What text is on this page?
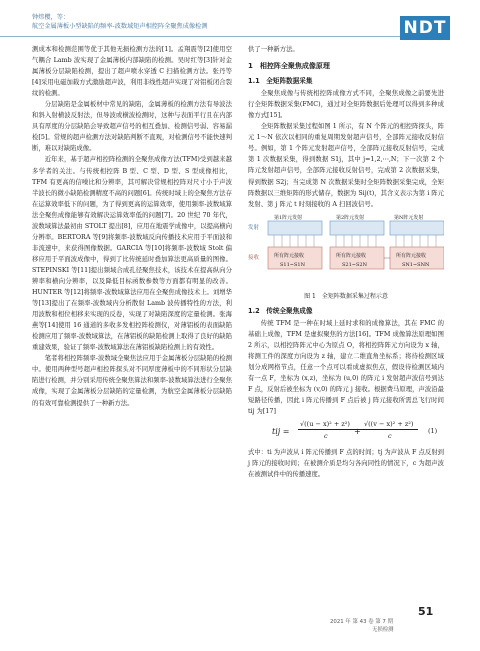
钟炜樱，等：
航空金属薄板小型缺陷的频率-波数域矩声相控阵全聚焦成像检测	NDT

测成本和检测范围等优于其他无损检测方法的[1]。孟翔震等[2]使用空气耦合 Lamb 波实现了金属薄板内部缺陷的检测。吴时红等[3]针对金属薄板分层缺陷检测，提出了超声喷水穿透 C 扫描检测方法。张丹等[4]采用电磁加载方式激励超声波，利用非线性超声实现了对铝板闭合裂纹的检测。

分层缺陷是金属板材中常见的缺陷，金属薄板的检测方法有导波法和斜入射横波反射法，但导波或横波检测时，这种与表面平行且在内部具有厚度的分层缺陷会导致超声信号的相互叠加、检测信号弱、容易漏检[5]。常规的超声检测方法对缺陷判断不直观，对检测信号不能快速判断，难以对缺陷成像。

近年来，基于超声相控阵检测的全聚焦成像方法(TFM)受到越来越多学者的关注。与传统相控阵 B 型、C 型、D 型、S 型成像相比，TFM 有更高的信噪比和分辨率，其可解决常规相控阵对尺寸小于声波半波长的微小缺陷检测精度不高的问题[6]。传统时域上的全聚焦方法存在运算效率低下的问题，为了得到更高的运算效率，使用频率-波数域算法全聚焦成像能够有效解决运算效率低的问题[7]。20 世纪 70 年代，波数域算法最初由 STOLT 提出[8]，应用在地震学成像中，以提高横向分辨率。BERTORA 等[9]将频率-波数域反向传播技术应用于平面波和非流速中，来获得图像数据。GARCIA 等[10]将频率-波数域 Stolt 偏移应用于平面波成像中，得到了比传统延时叠加算法更高质量的图像。STEPINSKI 等[11]提出频域合成孔径聚焦技术，该技术在提高纵向分辨率和横向分辨率，以及降低目标函数参数等方面都有明显的改善。HUNTER 等[12]将频率-波数域算法应用在全聚焦成像技术上。刘增华等[13]提出了在频率-波数域内分析散射 Lamb 波传播特性的方法，利用波数和相位相移来实现的反卷，实现了对缺陷深度的定量检测。张海燕等[14]使用 16 通道的多收多发相控阵检测仪，对薄铝板的表面缺陷检测应用了频率-波数域算法，在薄铝板的缺陷检测上取得了良好的缺陷重建效果，验证了频率-波数域算法在薄铝板缺陷检测上的有效性。

笔者将相控阵频率-波数域全聚焦法应用于金属薄板分层缺陷的检测中。使用两种型号超声相控阵探头对不同厚度薄板中的不同形状分层缺陷进行检测，并分别采用传统全聚焦算法和频率-波数域算法进行全聚焦成像，实现了金属薄板分层缺陷的定量检测，为航空金属薄板分层缺陷的有效可靠检测提供了一种新方法。

供了一种新方法。

1　相控阵全聚焦成像原理
1.1　全矩阵数据采集

全聚焦成像与传统相控阵成像方式不同，全聚焦成像之前要先进行全矩阵数据采集(FMC)，通过对全矩阵数据后处理可以得到多种成像方式[15]。

全矩阵数据采集过程如图 1 所示，有 N 个阵元的相控阵探头，阵元 1～N 依次以相同的重复周期发射超声信号，全部阵元接收反射信号。例如，第 1 个阵元发射超声信号，全部阵元接收反射信号，完成第 1 次数据采集，得到数据 S1j，其中 j=1,2,⋯,N；下一次第 2 个阵元发射超声信号，全部阵元接收反射信号，完成第 2 次数据采集，得到数据 S2j；当完成第 N 次数据采集时全矩阵数据采集完成，全矩阵数据以三维矩阵的形式储存，数据为 Sij(t)，其含义表示为第 i 阵元发射、第 j 阵元 t 时刻接收的 A 扫回波信号。

发射
接收
第1阵元发射	第2阵元发射	第N阵元发射
所有阵元接收	所有阵元接收	所有阵元接收
S11~S1N	S21~S2N	SN1~SNN
⋯
图 1　全矩阵数据采集过程示意
1.2　传统全聚焦成像

传统 TFM 是一种在时域上延时求和的成像算法，其在 FMC 的基础上成像，TFM 是虚拟聚焦的方法[16]。TFM 成像算法原理如图 2 所示，以相控阵阵元中心为原点 O，将相控阵阵元方向设为 x 轴，将测工件的深度方向设为 z 轴，建立二维直角坐标系；将待检测区域划分成网格节点，任意一个点可以看成虚拟焦点，假设待检测区域内有一点 F，坐标为 (x,z)，坐标为 (u,0) 的阵元 i 发射超声波信号到达 F 点，反射后被坐标为 (v,0) 的阵元 j 接收。根据费马原理，声波沿最短路径传播，因此 i 阵元传播到 F 点后被 j 阵元接收所需总飞行时间 tij 为[17]

tij =
√((u − x)² + z²)
+
√((v − x)² + z²)
c	c
(1)

式中：ti 为声波从 i 阵元传播到 F 点的时间；tj 为声波从 F 点反射到 j 阵元的接收时间；在被测介质是均匀各向同性的情况下，c 为超声波在被测试件中的传播速度。

51
2021 年 第 43 卷 第 7 期
无损检测
